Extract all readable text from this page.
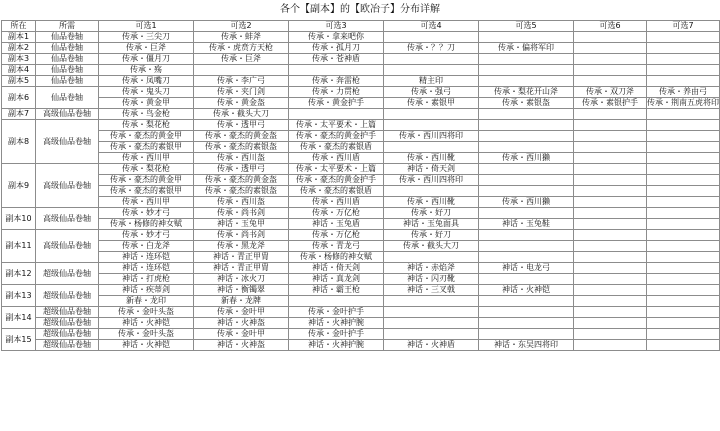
各个【副本】的【欧冶子】分布详解
所在	所需	可选1	可选2	可选3	可选4	可选5	可选6	可选7
副本1	仙品卷轴	传承・三尖刀	传承・蚌斧	传承・拿来吧你				
副本2	仙品卷轴	传承・巨斧	传承・虎贲方天枪	传承・孤月刀	传承・？？刀	传承・偏将军印		
副本3	仙品卷轴	传承・僵月刀	传承・巨斧	传承・苍神盾				
副本4	仙品卷轴	传承・殇						
副本5	仙品卷轴	传承・凤嘴刀	传承・李广弓	传承・奔雷枪	精主印			
副本6	仙品卷轴	传承・鬼头刀	传承・夹门剑	传承・力贯枪	传承・强弓	传承・梨花开山斧	传承・双刀斧	传承・养由弓
		传承・黄金甲	传承・黄金盔	传承・黄金护手	传承・素银甲	传承・素银盔	传承・素银护手	传承・荆南五虎将印
副本7	高级仙品卷轴	传承・鸟金枪	传承・截头大刀					
副本8	高级仙品卷轴	传承・梨花枪	传承・透甲弓	传承・太平要术・上篇				
		传承・豪杰的黄金甲	传承・豪杰的黄金盔	传承・豪杰的黄金护手	传承・西川四将印			
		传承・豪杰的素银甲	传承・豪杰的素银盔	传承・豪杰的素银盾				
		传承・西川甲	传承・西川盔	传承・西川盾	传承・西川靴	传承・西川獭		
副本9	高级仙品卷轴	传承・梨花枪	传承・透甲弓	传承・太平要术・上篇	神话・倚天剑			
		传承・豪杰的黄金甲	传承・豪杰的黄金盔	传承・豪杰的黄金护手	传承・西川四将印			
		传承・豪杰的素银甲	传承・豪杰的素银盔	传承・豪杰的素银盾				
		传承・西川甲	传承・西川盔	传承・西川盾	传承・西川靴	传承・西川獭		
副本10	高级仙品卷轴	传承・妙才弓	传承・尚书剑	传承・万亿枪	传承・好刀			
		传承・杨修的神女赋	神话・玉兔甲	神话・玉兔盾	神话・玉兔面具	神话・玉兔鞋		
副本11	高级仙品卷轴	传承・妙才弓	传承・尚书剑	传承・万亿枪	传承・好刀			
		传承・白龙斧	传承・黑龙斧	传承・青龙弓	传承・截头大刀			
		神话・连环铠	神话・青正甲胄	传承・杨修的神女赋				
副本12	超级仙品卷轴	神话・连环铠	神话・青正甲胄	神话・倚天剑	神话・赤焰斧	神话・电龙弓		
		神话・打虎枪	神话・冰火刀	神话・真龙剑	神话・闪刃靴			
副本13	超级仙品卷轴	神话・疾蒂剑	神话・衡镯翠	神话・霸王枪	神话・三叉戟	神话・火神铠		
		新春・龙印	新春・龙牌					
副本14	超级仙品卷轴	传承・金叶头盔	传承・金叶甲	传承・金叶护手				
	超级仙品卷轴	神话・火神铠	神话・火神盔	神话・火神护腕				
副本15	超级仙品卷轴	传承・金叶头盔	传承・金叶甲	传承・金叶护手				
	超级仙品卷轴	神话・火神铠	神话・火神盔	神话・火神护腕	神话・火神盾	神话・东吴四将印		
